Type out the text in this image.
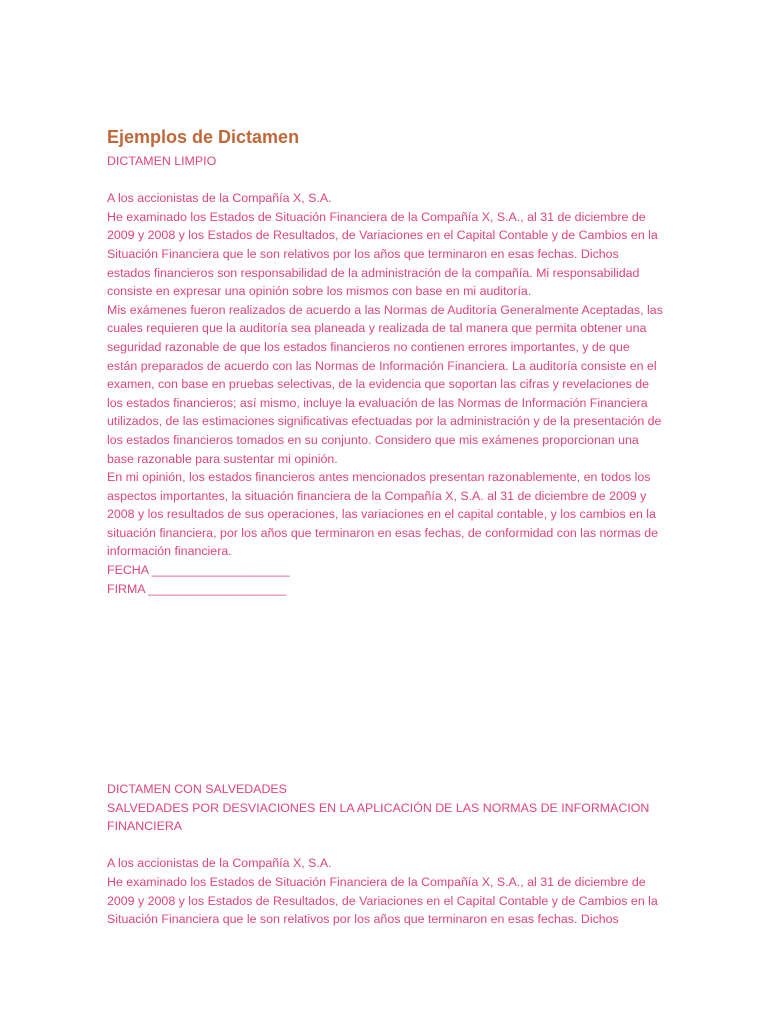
Ejemplos de Dictamen

DICTAMEN LIMPIO

A los accionistas de la Compañía X, S.A.

He examinado los Estados de Situación Financiera de la Compañía X, S.A., al 31 de diciembre de 2009 y 2008 y los Estados de Resultados, de Variaciones en el Capital Contable y de Cambios en la Situación Financiera que le son relativos por los años que terminaron en esas fechas. Dichos estados financieros son responsabilidad de la administración de la compañía. Mi responsabilidad consiste en expresar una opinión sobre los mismos con base en mi auditoría.

Mis exámenes fueron realizados de acuerdo a las Normas de Auditoría Generalmente Aceptadas, las cuales requieren que la auditoría sea planeada y realizada de tal manera que permita obtener una seguridad razonable de que los estados financieros no contienen errores importantes, y de que están preparados de acuerdo con las Normas de Información Financiera. La auditoría consiste en el examen, con base en pruebas selectivas, de la evidencia que soportan las cifras y revelaciones de los estados financieros; así mismo, incluye la evaluación de las Normas de Información Financiera utilizados, de las estimaciones significativas efectuadas por la administración y de la presentación de los estados financieros tomados en su conjunto. Considero que mis exámenes proporcionan una base razonable para sustentar mi opinión.

En mi opinión, los estados financieros antes mencionados presentan razonablemente, en todos los aspectos importantes, la situación financiera de la Compañía X, S.A. al 31 de diciembre de 2009 y 2008 y los resultados de sus operaciones, las variaciones en el capital contable, y los cambios en la situación financiera, por los años que terminaron en esas fechas, de conformidad con las normas de información financiera.

FECHA ____________________

FIRMA ____________________

DICTAMEN CON SALVEDADES

SALVEDADES POR DESVIACIONES EN LA APLICACIÓN DE LAS NORMAS DE INFORMACION FINANCIERA

A los accionistas de la Compañía X, S.A.

He examinado los Estados de Situación Financiera de la Compañía X, S.A., al 31 de diciembre de 2009 y 2008 y los Estados de Resultados, de Variaciones en el Capital Contable y de Cambios en la Situación Financiera que le son relativos por los años que terminaron en esas fechas. Dichos
